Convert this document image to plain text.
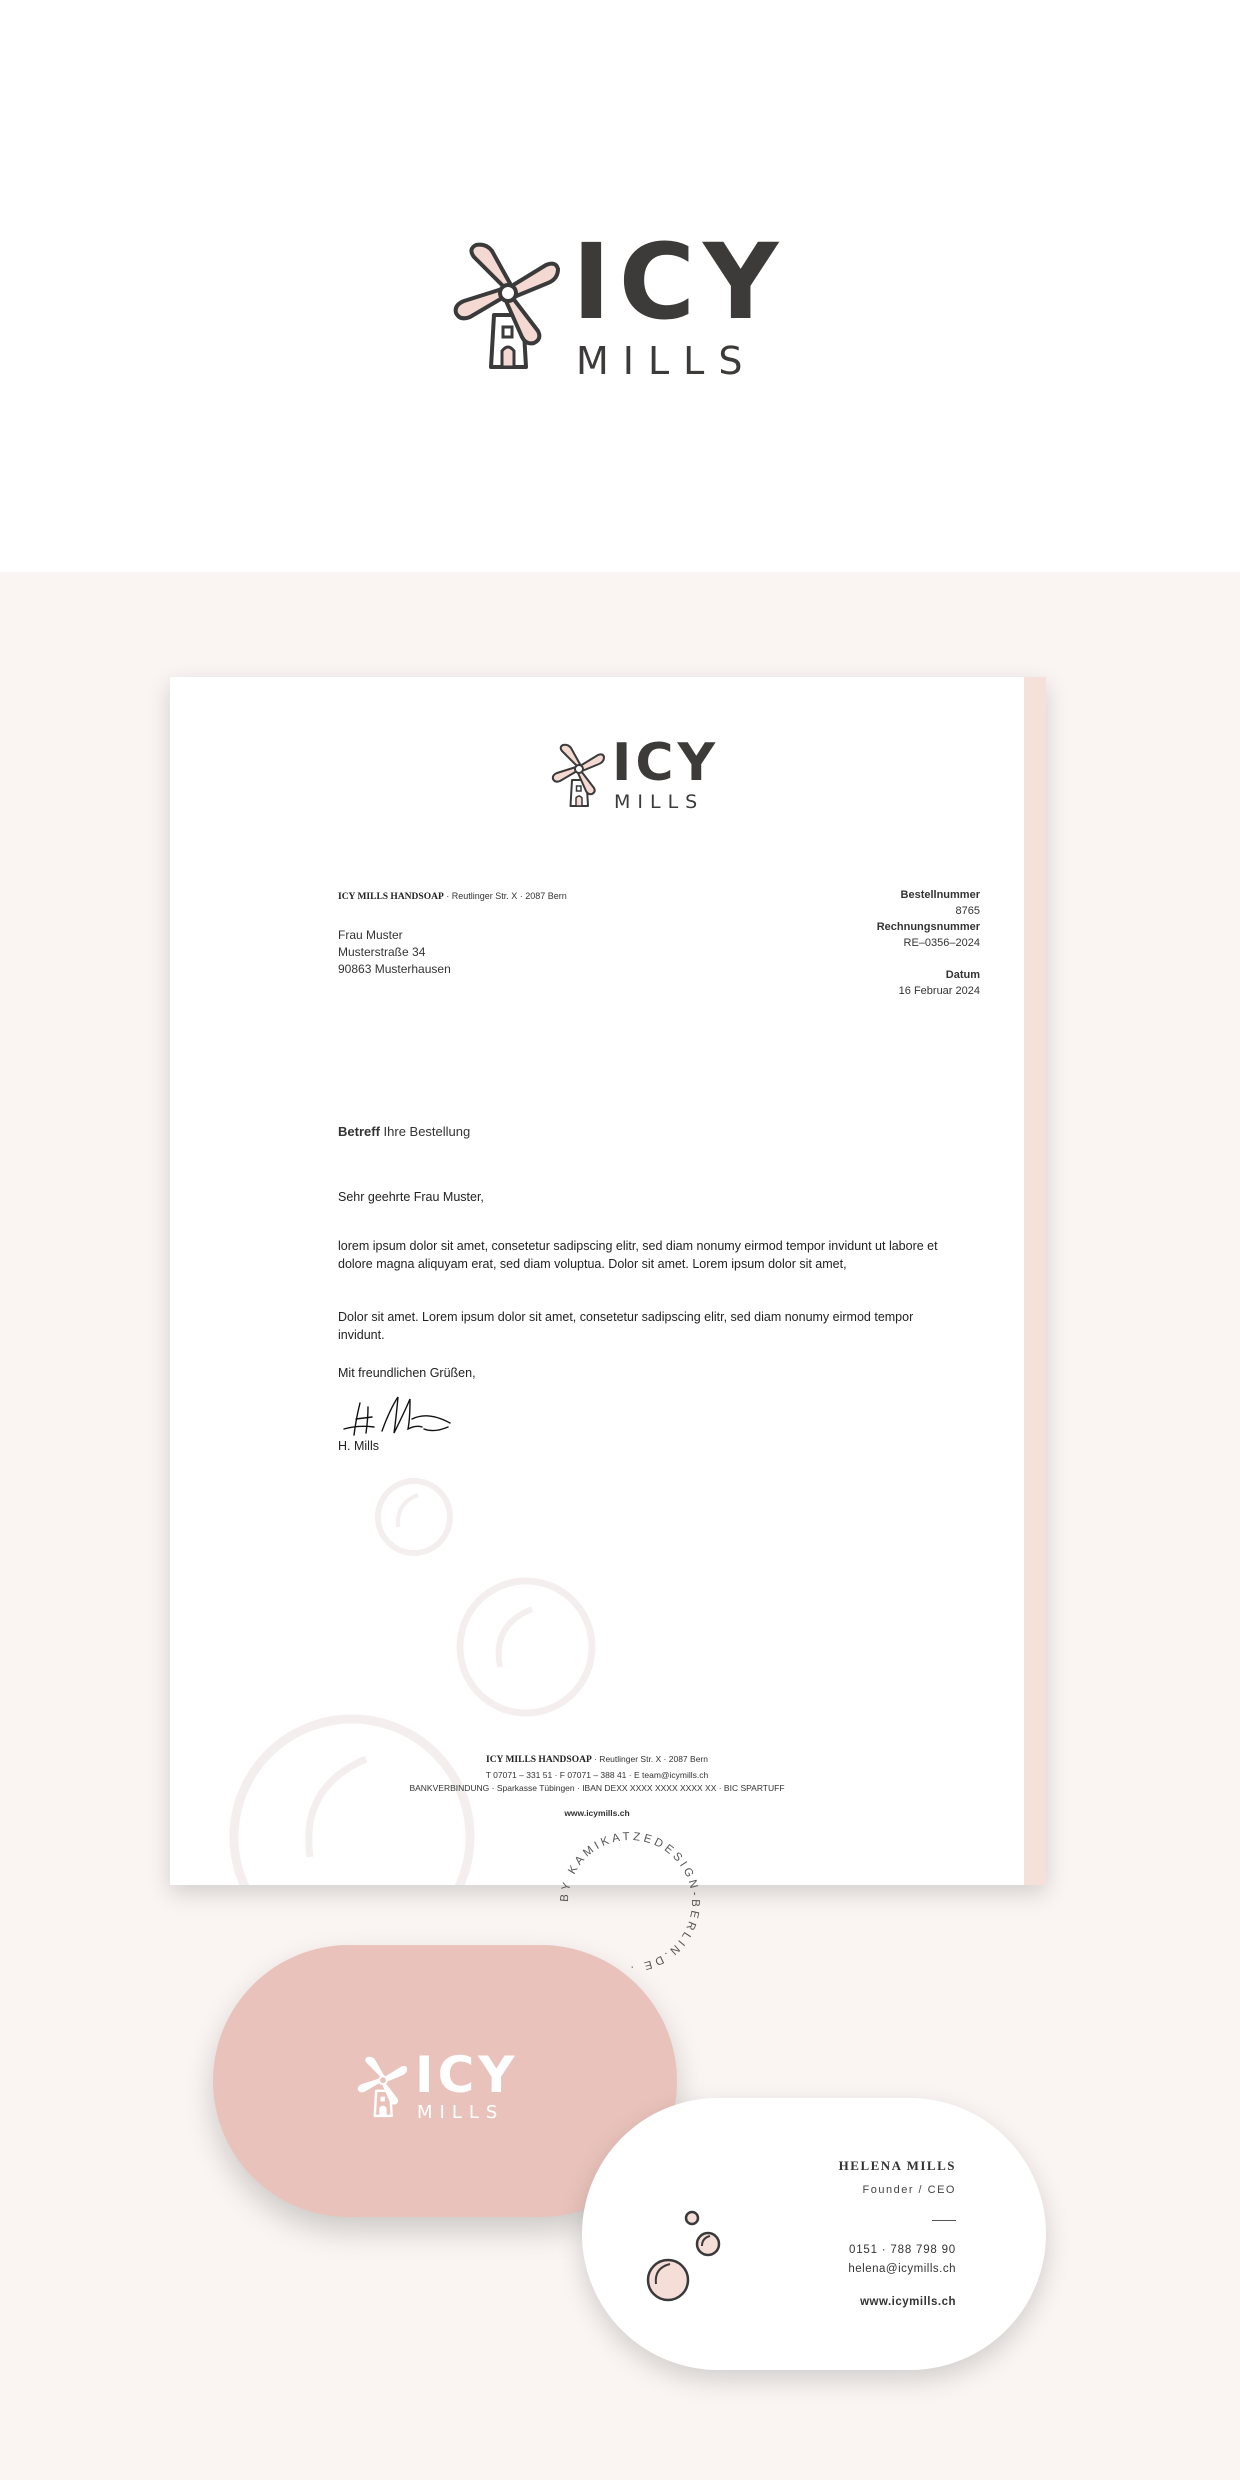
ICY
MILLS
ICY
MILLS
ICY MILLS HANDSOAP · Reutlinger Str. X · 2087 Bern
Frau Muster
Musterstraße 34
90863 Musterhausen
Bestellnummer
8765
Rechnungsnummer
RE–0356–2024
Datum
16 Februar 2024
Betreff Ihre Bestellung
Sehr geehrte Frau Muster,
lorem ipsum dolor sit amet, consetetur sadipscing elitr, sed diam nonumy eirmod tempor invidunt ut labore et dolore magna aliquyam erat, sed diam voluptua. Dolor sit amet. Lorem ipsum dolor sit amet,
Dolor sit amet. Lorem ipsum dolor sit amet, consetetur sadipscing elitr, sed diam nonumy eirmod tempor invidunt.
Mit freundlichen Grüßen,
H. Mills
ICY MILLS HANDSOAP · Reutlinger Str. X · 2087 Bern
T 07071 – 331 51 · F 07071 – 388 41 · E team@icymills.ch
BANKVERBINDUNG · Sparkasse Tübingen · IBAN DEXX XXXX XXXX XXXX XX · BIC SPARTUFF
www.icymills.ch
BY KAMIKATZEDESIGN-BERLIN.DE ·
ICY
MILLS
HELENA MILLS
Founder / CEO
0151 · 788 798 90
helena@icymills.ch
www.icymills.ch
